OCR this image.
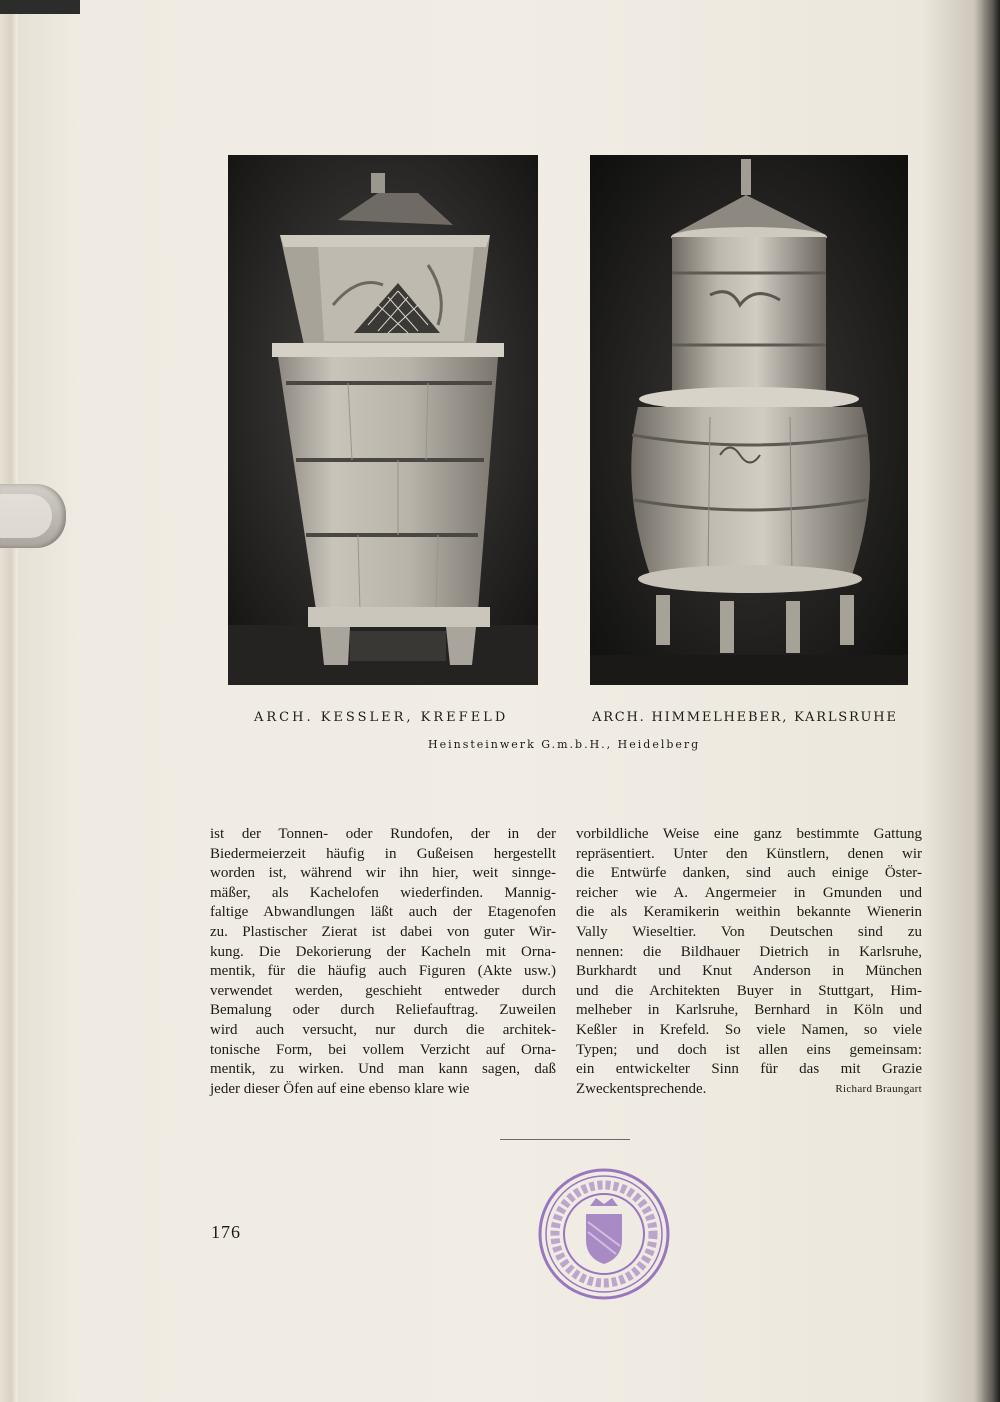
ARCH. KESSLER, KREFELD	ARCH. HIMMELHEBER, KARLSRUHE
Heinsteinwerk G.m.b.H., Heidelberg
ist der Tonnen- oder Rundofen, der in der
Biedermeierzeit häufig in Gußeisen hergestellt
worden ist, während wir ihn hier, weit sinnge-
mäßer, als Kachelofen wiederfinden. Mannig-
faltige Abwandlungen läßt auch der Etagenofen
zu. Plastischer Zierat ist dabei von guter Wir-
kung. Die Dekorierung der Kacheln mit Orna-
mentik, für die häufig auch Figuren (Akte usw.)
verwendet werden, geschieht entweder durch
Bemalung oder durch Reliefauftrag. Zuweilen
wird auch versucht, nur durch die architek-
tonische Form, bei vollem Verzicht auf Orna-
mentik, zu wirken. Und man kann sagen, daß
jeder dieser Öfen auf eine ebenso klare wie
vorbildliche Weise eine ganz bestimmte Gattung
repräsentiert. Unter den Künstlern, denen wir
die Entwürfe danken, sind auch einige Öster-
reicher wie A. Angermeier in Gmunden und
die als Keramikerin weithin bekannte Wienerin
Vally Wieseltier. Von Deutschen sind zu
nennen: die Bildhauer Dietrich in Karlsruhe,
Burkhardt und Knut Anderson in München
und die Architekten Buyer in Stuttgart, Him-
melheber in Karlsruhe, Bernhard in Köln und
Keßler in Krefeld. So viele Namen, so viele
Typen; und doch ist allen eins gemeinsam:
ein entwickelter Sinn für das mit Grazie
Zweckentsprechende.	Richard Braungart
176
